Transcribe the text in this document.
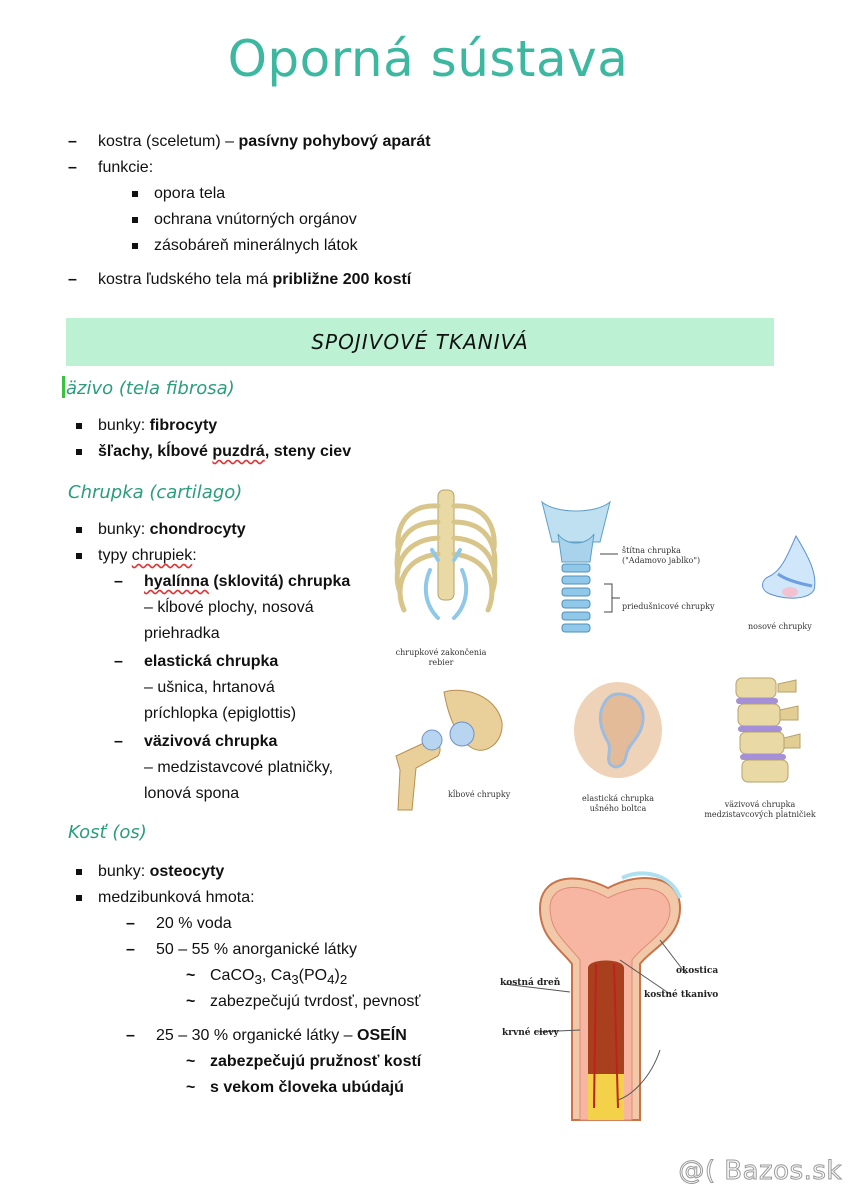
Oporná sústava
– kostra (sceletum) – pasívny pohybový aparát
– funkcie:
opora tela
ochrana vnútorných orgánov
zásobáreň minerálnych látok
– kostra ľudského tela má približne 200 kostí
SPOJIVOVÉ TKANIVÁ
äzivo (tela fibrosa)
bunky: fibrocyty
šľachy, kĺbové puzdrá, steny ciev
Chrupka (cartilago)
bunky: chondrocyty
typy chrupiek:
– hyalínna (sklovitá) chrupka
– kĺbové plochy, nosová
priehradka
– elastická chrupka
– ušnica, hrtanová
príchlopka (epiglottis)
– väzivová chrupka
– medzistavcové platničky,
lonová spona
chrupkové zakončenia
rebier
štítna chrupka
("Adamovo jablko")
priedušnicové chrupky
nosové chrupky
kĺbové chrupky	elastická chrupka
ušného boltca	väzivová chrupka
medzistavcových platničiek
Kosť (os)
bunky: osteocyty
medzibunková hmota:
– 20 % voda
– 50 – 55 % anorganické látky
~ CaCO$_3$, $Ca_3(PO_4)_2$
~ zabezpečujú tvrdosť, pevnosť
– 25 – 30 % organické látky – OSEÍN
~ zabezpečujú pružnosť kostí
~ s vekom človeka ubúdajú
kostná dreň
okostica
kostné tkanivo
krvné cievy
@( Bazos.sk
